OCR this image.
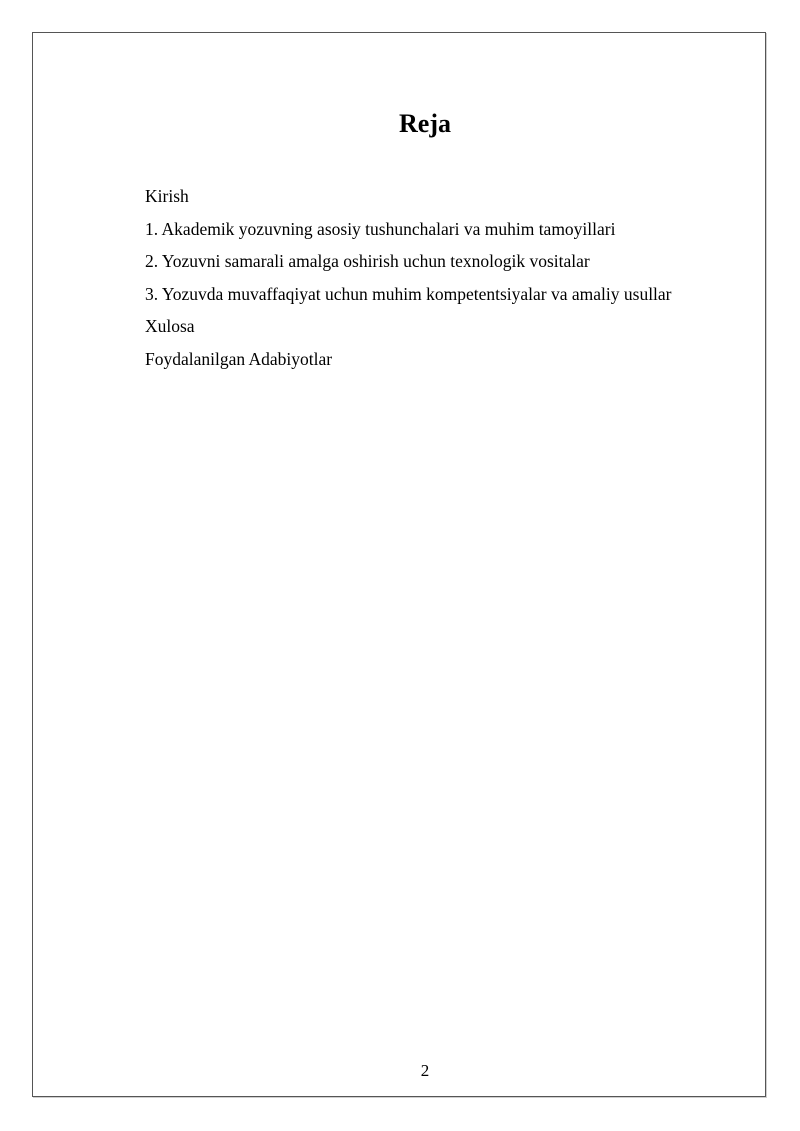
Reja
Kirish
1. Akademik yozuvning asosiy tushunchalari va muhim tamoyillari
2. Yozuvni samarali amalga oshirish uchun texnologik vositalar
3. Yozuvda muvaffaqiyat uchun muhim kompetentsiyalar va amaliy usullar
Xulosa
Foydalanilgan Adabiyotlar
2
